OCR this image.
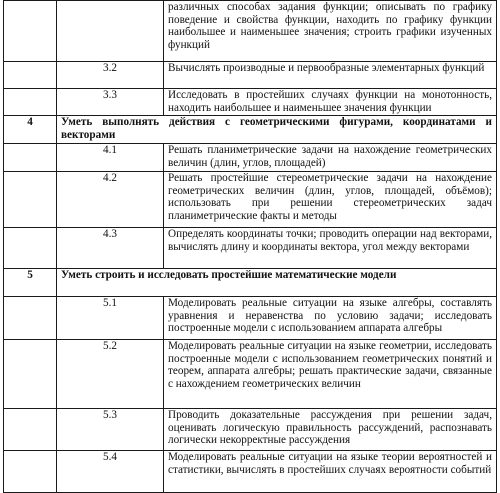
		различных способах задания функции; описывать по графику поведение и свойства функции, находить по графику функции наибольшее и наименьшее значения; строить графики изученных функций
	3.2	Вычислять производные и первообразные элементарных функций
	3.3	Исследовать в простейших случаях функции на монотонность, находить наибольшее и наименьшее значения функции
4	Уметь выполнять действия с геометрическими фигурами, координатами и векторами	
	4.1	Решать планиметрические задачи на нахождение геометрических величин (длин, углов, площадей)
	4.2	Решать простейшие стереометрические задачи на нахождение геометрических величин (длин, углов, площадей, объёмов); использовать при решении стереометрических задач планиметрические факты и методы
	4.3	Определять координаты точки; проводить операции над векторами, вычислять длину и координаты вектора, угол между векторами
5	Уметь строить и исследовать простейшие математические модели	
	5.1	Моделировать реальные ситуации на языке алгебры, составлять уравнения и неравенства по условию задачи; исследовать построенные модели с использованием аппарата алгебры
	5.2	Моделировать реальные ситуации на языке геометрии, исследовать построенные модели с использованием геометрических понятий и теорем, аппарата алгебры; решать практические задачи, связанные с нахождением геометрических величин
	5.3	Проводить доказательные рассуждения при решении задач, оценивать логическую правильность рассуждений, распознавать логически некорректные рассуждения
	5.4	Моделировать реальные ситуации на языке теории вероятностей и статистики, вычислять в простейших случаях вероятности событий
